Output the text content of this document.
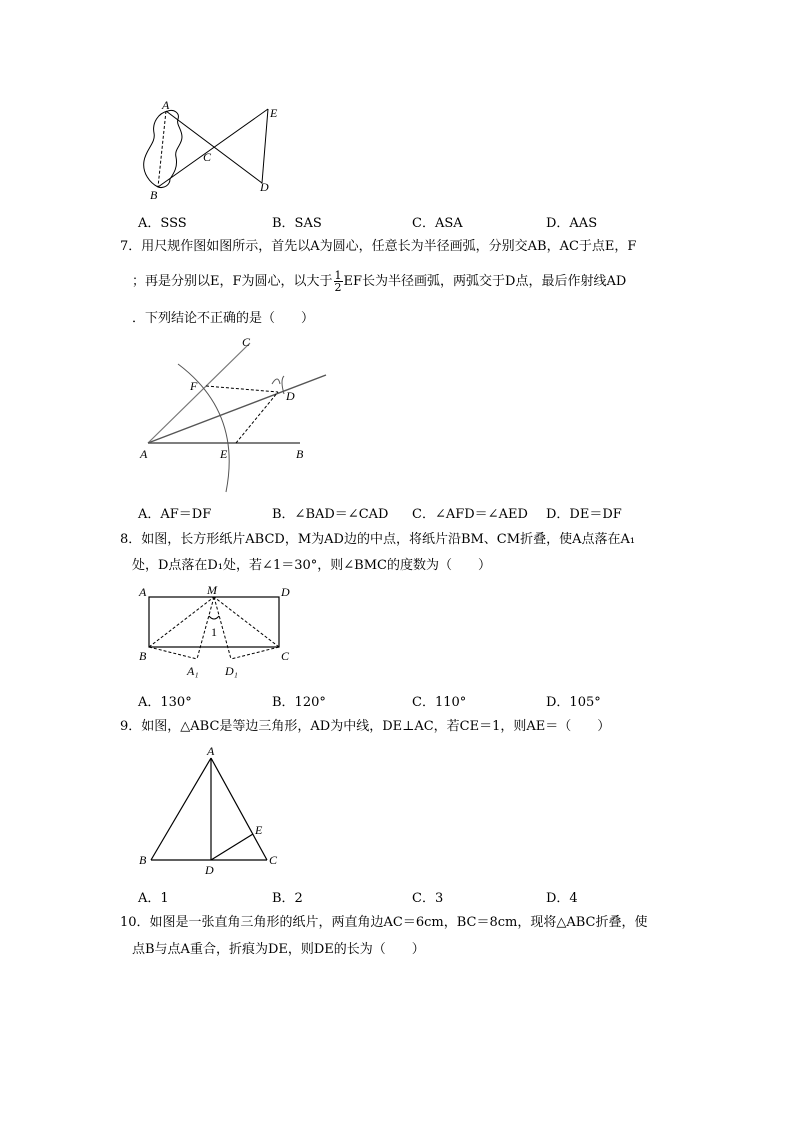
A
B
C
D
E
A．SSS	B．SAS	C．ASA	D．AAS
7．用尺规作图如图所示，首先以A为圆心，任意长为半径画弧，分别交AB，AC于点E，F
；再是分别以E，F为圆心，以大于 $\frac{1}{2}$ EF长为半径画弧，两弧交于D点，最后作射线AD
．下列结论不正确的是（　　）
A	B
C
D
E
F
A．AF＝DF	B．∠BAD＝∠CAD C．∠AFD＝∠AED D．DE＝DF
8．如图，长方形纸片ABCD，M为AD边的中点，将纸片沿BM、CM折叠，使A点落在A₁
处，D点落在D₁处，若∠1＝30°，则∠BMC的度数为（　　）
A	M	D
B	C
A₁ D₁
1
A．130°	B．120°	C．110°	D．105°
9．如图，△ABC是等边三角形，AD为中线，DE⊥AC，若CE＝1，则AE＝（　　）
A
B	C
D
E
A．1	B．2	C．3	D．4
10．如图是一张直角三角形的纸片，两直角边AC＝6cm，BC＝8cm，现将△ABC折叠，使
点B与点A重合，折痕为DE，则DE的长为（　　）
